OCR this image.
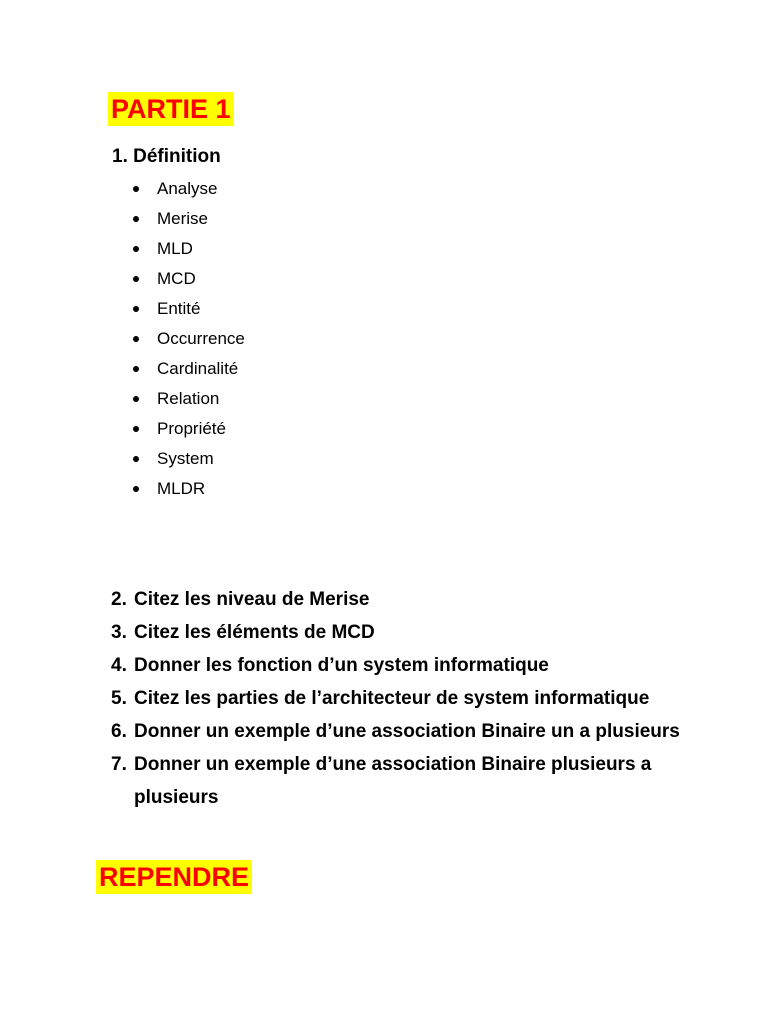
PARTIE 1
1. Définition
Analyse
Merise
MLD
MCD
Entité
Occurrence
Cardinalité
Relation
Propriété
System
MLDR
2. Citez les niveau de Merise
3. Citez les éléments de MCD
4. Donner les fonction d’un system informatique
5. Citez les parties de l’architecteur de system informatique
6. Donner un exemple d’une association Binaire un a plusieurs
7. Donner un exemple d’une association Binaire plusieurs a plusieurs
REPENDRE
